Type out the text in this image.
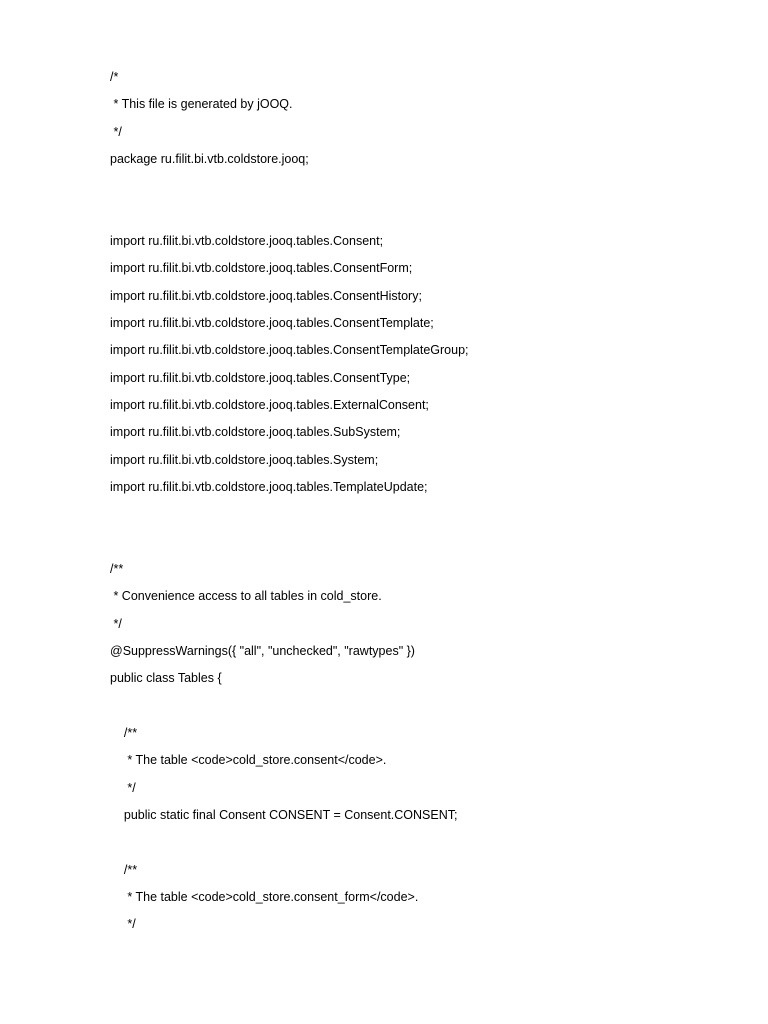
/*
* This file is generated by jOOQ.
*/
package ru.filit.bi.vtb.coldstore.jooq;
import ru.filit.bi.vtb.coldstore.jooq.tables.Consent;
import ru.filit.bi.vtb.coldstore.jooq.tables.ConsentForm;
import ru.filit.bi.vtb.coldstore.jooq.tables.ConsentHistory;
import ru.filit.bi.vtb.coldstore.jooq.tables.ConsentTemplate;
import ru.filit.bi.vtb.coldstore.jooq.tables.ConsentTemplateGroup;
import ru.filit.bi.vtb.coldstore.jooq.tables.ConsentType;
import ru.filit.bi.vtb.coldstore.jooq.tables.ExternalConsent;
import ru.filit.bi.vtb.coldstore.jooq.tables.SubSystem;
import ru.filit.bi.vtb.coldstore.jooq.tables.System;
import ru.filit.bi.vtb.coldstore.jooq.tables.TemplateUpdate;
/**
* Convenience access to all tables in cold_store.
*/
@SuppressWarnings({ "all", "unchecked", "rawtypes" })
public class Tables {
/**
* The table <code>cold_store.consent</code>.
*/
public static final Consent CONSENT = Consent.CONSENT;
/**
* The table <code>cold_store.consent_form</code>.
*/
